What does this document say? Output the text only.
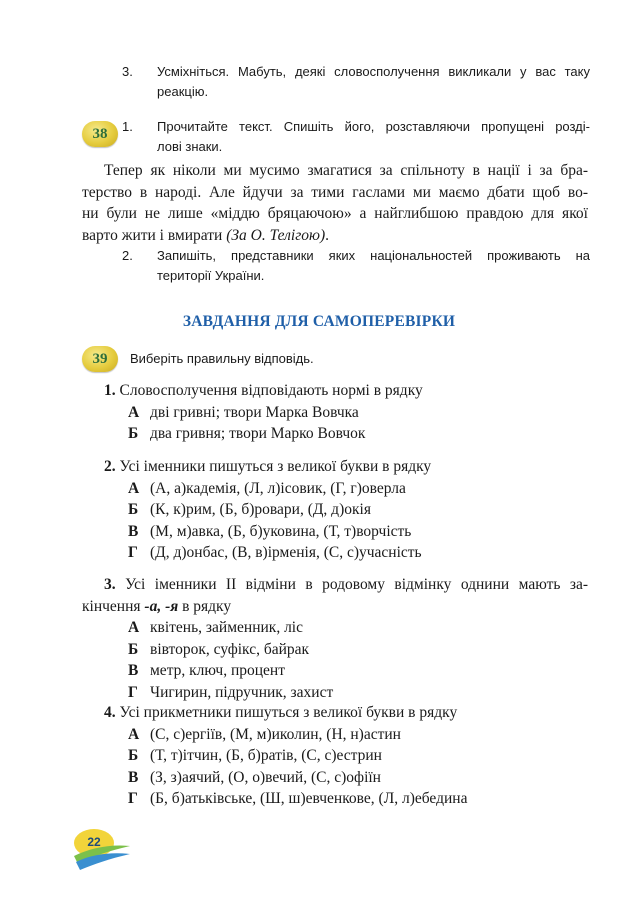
3.	Усміхніться. Мабуть, деякі словосполучення викликали у вас таку
реакцію.
38	1.	Прочитайте текст. Спишіть його, розставляючи пропущені розді-
лові знаки.
Тепер як ніколи ми мусимо змагатися за спільноту в нації і за бра-
терство в народі. Але йдучи за тими гаслами ми маємо дбати щоб во-
ни були не лише «міддю бряцаючою» а найглибшою правдою для якої
варто жити і вмирати (За О. Телігою).
2.	Запишіть, представники яких національностей проживають на
території України.
ЗАВДАННЯ ДЛЯ САМОПЕРЕВІРКИ
39	Виберіть правильну відповідь.
1. Словосполучення відповідають нормі в рядку
А дві гривні; твори Марка Вовчка
Б два гривня; твори Марко Вовчок
2. Усі іменники пишуться з великої букви в рядку
А (А, а)кадемія, (Л, л)ісовик, (Г, г)оверла
Б (К, к)рим, (Б, б)ровари, (Д, д)окія
В (М, м)авка, (Б, б)уковина, (Т, т)ворчість
Г (Д, д)онбас, (В, в)ірменія, (С, с)учасність
3. Усі іменники ІІ відміни в родовому відмінку однини мають за-
кінчення -а, -я в рядку
А квітень, займенник, ліс
Б вівторок, суфікс, байрак
В метр, ключ, процент
Г Чигирин, підручник, захист
4. Усі прикметники пишуться з великої букви в рядку
А (С, с)ергіїв, (М, м)иколин, (Н, н)астин
Б (Т, т)ітчин, (Б, б)ратів, (С, с)естрин
В (З, з)аячий, (О, о)вечий, (С, с)офіїн
Г (Б, б)атьківське, (Ш, ш)евченкове, (Л, л)ебедина
22
